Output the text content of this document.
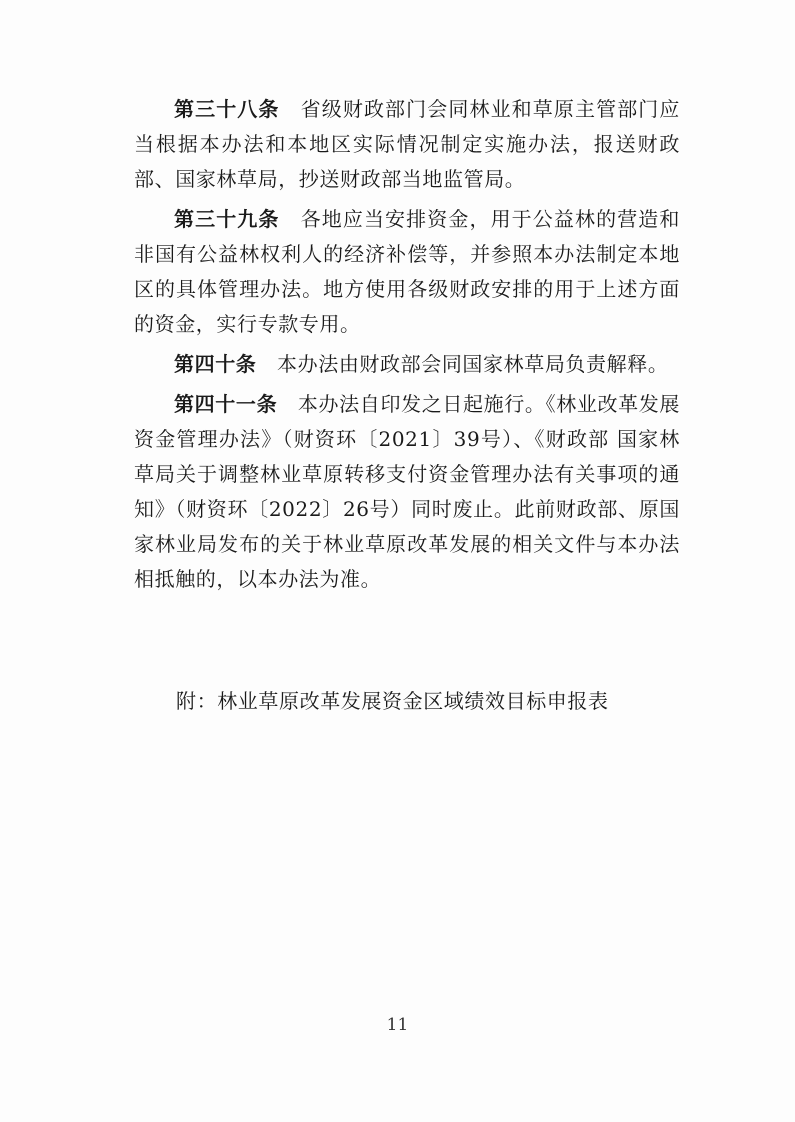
第三十八条　 省级财政部门会同林业和草原主管部门应当根据本办法和本地区实际情况制定实施办法，报送财政部、国家林草局，抄送财政部当地监管局。

第三十九条　 各地应当安排资金，用于公益林的营造和非国有公益林权利人的经济补偿等，并参照本办法制定本地区的具体管理办法。地方使用各级财政安排的用于上述方面的资金，实行专款专用。

第四十条　 本办法由财政部会同国家林草局负责解释。

第四十一条　 本办法自印发之日起施行。《林业改革发展资金管理办法》（财资环〔2021〕39号）、《财政部 国家林草局关于调整林业草原转移支付资金管理办法有关事项的通知》（财资环〔2022〕26号）同时废止。此前财政部、原国家林业局发布的关于林业草原改革发展的相关文件与本办法相抵触的，以本办法为准。

附：林业草原改革发展资金区域绩效目标申报表
11
